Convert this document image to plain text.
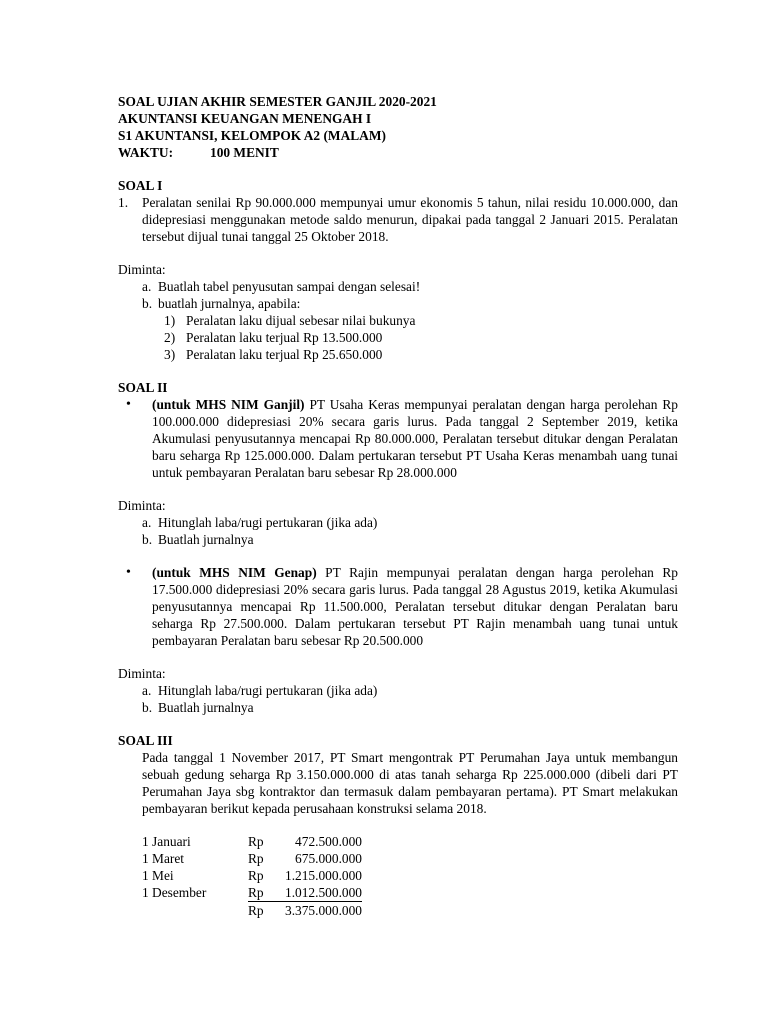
SOAL UJIAN AKHIR SEMESTER GANJIL 2020-2021

AKUNTANSI KEUANGAN MENENGAH I

S1 AKUNTANSI, KELOMPOK A2 (MALAM)

WAKTU:	100 MENIT

SOAL I

1. Peralatan senilai Rp 90.000.000 mempunyai umur ekonomis 5 tahun, nilai residu 10.000.000, dan didepresiasi menggunakan metode saldo menurun, dipakai pada tanggal 2 Januari 2015. Peralatan tersebut dijual tunai tanggal 25 Oktober 2018.

Diminta:

a. Buatlah tabel penyusutan sampai dengan selesai!
b. buatlah jurnalnya, apabila:
1) Peralatan laku dijual sebesar nilai bukunya
2) Peralatan laku terjual Rp 13.500.000
3) Peralatan laku terjual Rp 25.650.000

SOAL II

• (untuk MHS NIM Ganjil) PT Usaha Keras mempunyai peralatan dengan harga perolehan Rp 100.000.000 didepresiasi 20% secara garis lurus. Pada tanggal 2 September 2019, ketika Akumulasi penyusutannya mencapai Rp 80.000.000, Peralatan tersebut ditukar dengan Peralatan baru seharga Rp 125.000.000. Dalam pertukaran tersebut PT Usaha Keras menambah uang tunai untuk pembayaran Peralatan baru sebesar Rp 28.000.000

Diminta:

a. Hitunglah laba/rugi pertukaran (jika ada)
b. Buatlah jurnalnya
• (untuk MHS NIM Genap) PT Rajin mempunyai peralatan dengan harga perolehan Rp 17.500.000 didepresiasi 20% secara garis lurus. Pada tanggal 28 Agustus 2019, ketika Akumulasi penyusutannya mencapai Rp 11.500.000, Peralatan tersebut ditukar dengan Peralatan baru seharga Rp 27.500.000. Dalam pertukaran tersebut PT Rajin menambah uang tunai untuk pembayaran Peralatan baru sebesar Rp 20.500.000

Diminta:

a. Hitunglah laba/rugi pertukaran (jika ada)
b. Buatlah jurnalnya

SOAL III

Pada tanggal 1 November 2017, PT Smart mengontrak PT Perumahan Jaya untuk membangun sebuah gedung seharga Rp 3.150.000.000 di atas tanah seharga Rp 225.000.000 (dibeli dari PT Perumahan Jaya sbg kontraktor dan termasuk dalam pembayaran pertama). PT Smart melakukan pembayaran berikut kepada perusahaan konstruksi selama 2018.

1 Januari	Rp	472.500.000
1 Maret	Rp	675.000.000
1 Mei	Rp	1.215.000.000
1 Desember	Rp	1.012.500.000
	Rp	3.375.000.000
